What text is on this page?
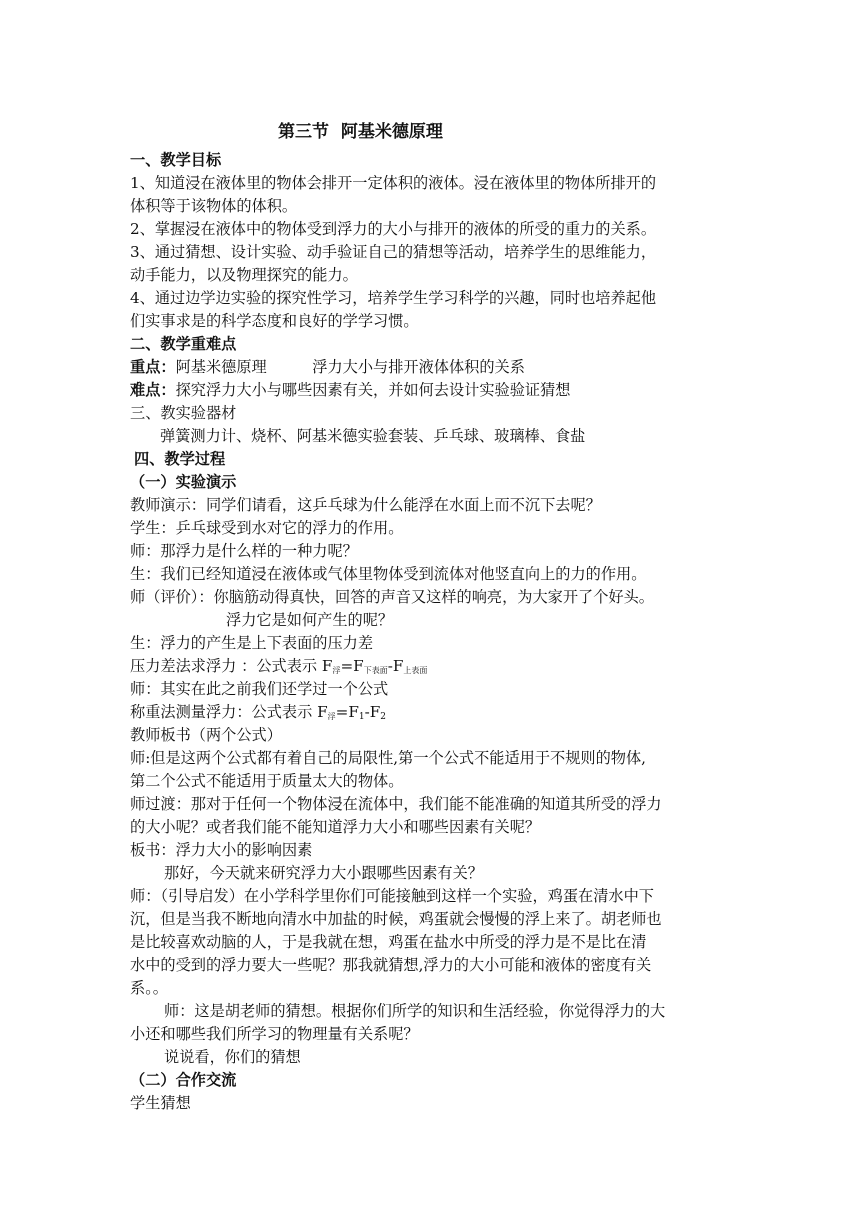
第三节 阿基米德原理
一、教学目标
1、知道浸在液体里的物体会排开一定体积的液体。浸在液体里的物体所排开的
体积等于该物体的体积。
2、掌握浸在液体中的物体受到浮力的大小与排开的液体的所受的重力的关系。
3、通过猜想、设计实验、动手验证自己的猜想等活动，培养学生的思维能力，
动手能力，以及物理探究的能力。
4、通过边学边实验的探究性学习，培养学生学习科学的兴趣，同时也培养起他
们实事求是的科学态度和良好的学学习惯。
二、教学重难点
重点：阿基米德原理　　　浮力大小与排开液体体积的关系
难点：探究浮力大小与哪些因素有关，并如何去设计实验验证猜想
三、教实验器材
弹簧测力计、烧杯、阿基米德实验套装、乒乓球、玻璃棒、食盐
四、教学过程
（一）实验演示
教师演示：同学们请看，这乒乓球为什么能浮在水面上而不沉下去呢？
学生：乒乓球受到水对它的浮力的作用。
师：那浮力是什么样的一种力呢？
生：我们已经知道浸在液体或气体里物体受到流体对他竖直向上的力的作用。
师（评价）：你脑筋动得真快，回答的声音又这样的响亮，为大家开了个好头。
浮力它是如何产生的呢？
生：浮力的产生是上下表面的压力差
压力差法求浮力 ：公式表示 $F_浮=F_{下表面}-F_{上表面}$
师：其实在此之前我们还学过一个公式
称重法测量浮力：公式表示 $F_浮=F_1-F_2$
教师板书（两个公式）
师:但是这两个公式都有着自己的局限性,第一个公式不能适用于不规则的物体,
第二个公式不能适用于质量太大的物体。
师过渡：那对于任何一个物体浸在流体中，我们能不能准确的知道其所受的浮力
的大小呢？或者我们能不能知道浮力大小和哪些因素有关呢？
板书：浮力大小的影响因素
那好，今天就来研究浮力大小跟哪些因素有关？
师：（引导启发）在小学科学里你们可能接触到这样一个实验，鸡蛋在清水中下
沉，但是当我不断地向清水中加盐的时候，鸡蛋就会慢慢的浮上来了。胡老师也
是比较喜欢动脑的人，于是我就在想，鸡蛋在盐水中所受的浮力是不是比在清
水中的受到的浮力要大一些呢？那我就猜想,浮力的大小可能和液体的密度有关
系。。
师：这是胡老师的猜想。根据你们所学的知识和生活经验，你觉得浮力的大
小还和哪些我们所学习的物理量有关系呢？
说说看，你们的猜想
（二）合作交流
学生猜想
